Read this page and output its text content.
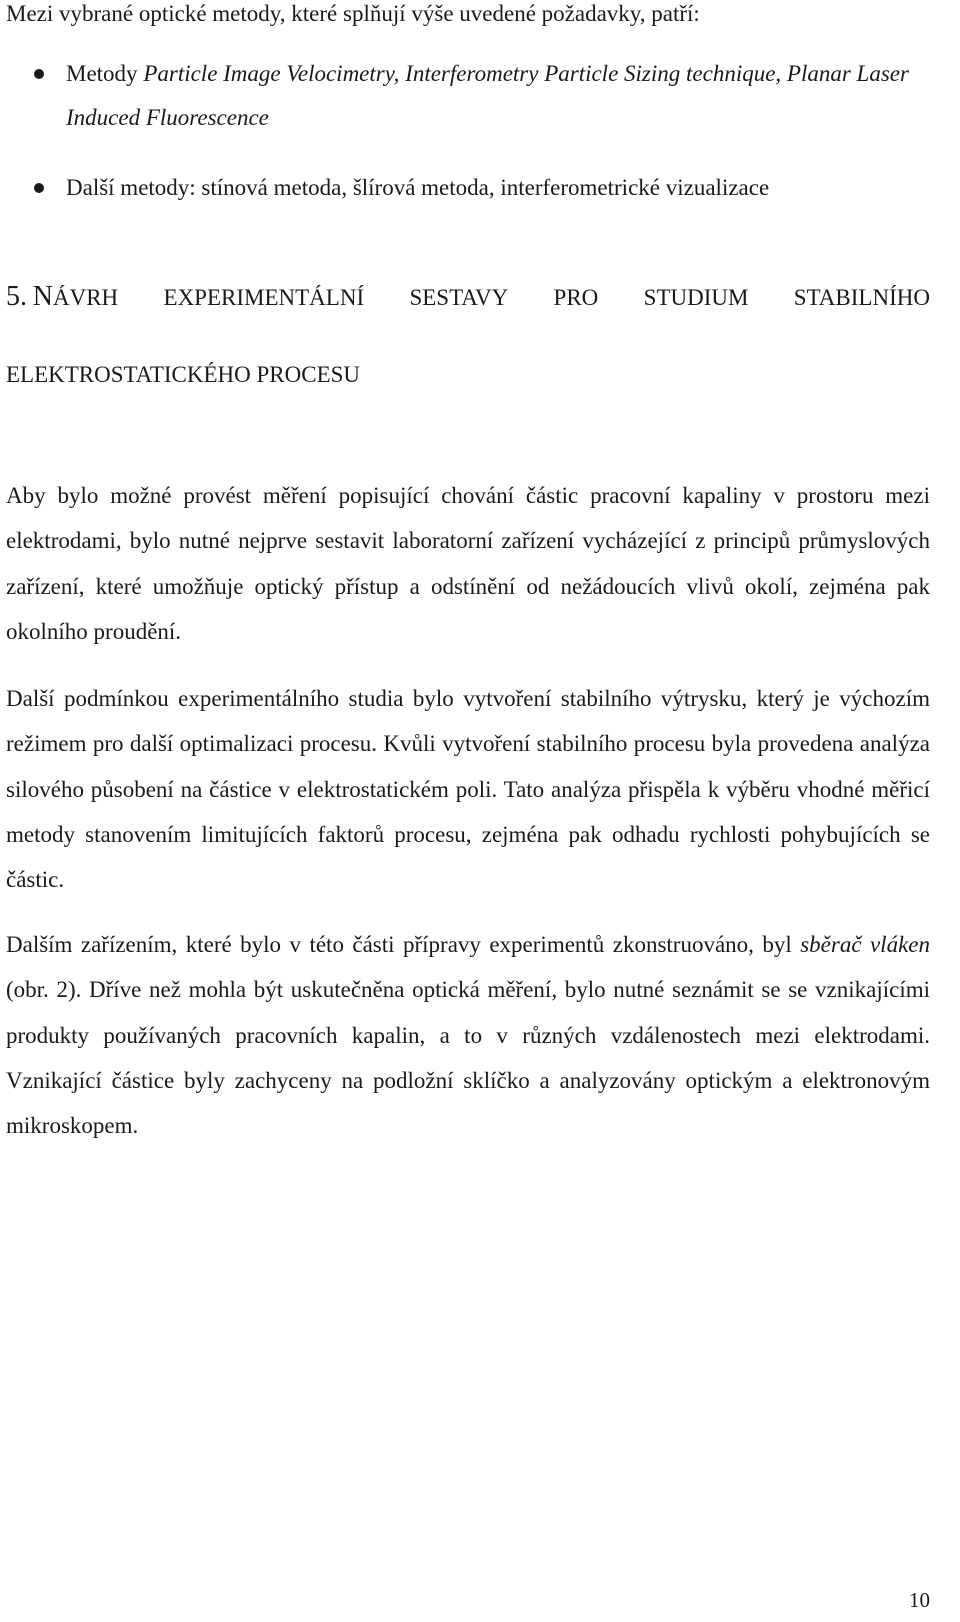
Mezi vybrané optické metody, které splňují výše uvedené požadavky, patří:

Metody Particle Image Velocimetry, Interferometry Particle Sizing technique, Planar Laser Induced Fluorescence
Další metody: stínová metoda, šlírová metoda, interferometrické vizualizace
5. NÁVRH EXPERIMENTÁLNÍ SESTAVY PRO STUDIUM STABILNÍHO
ELEKTROSTATICKÉHO PROCESU

Aby bylo možné provést měření popisující chování částic pracovní kapaliny v prostoru mezi elektrodami, bylo nutné nejprve sestavit laboratorní zařízení vycházející z principů průmyslových zařízení, které umožňuje optický přístup a odstínění od nežádoucích vlivů okolí, zejména pak okolního proudění.

Další podmínkou experimentálního studia bylo vytvoření stabilního výtrysku, který je výchozím režimem pro další optimalizaci procesu. Kvůli vytvoření stabilního procesu byla provedena analýza silového působení na částice v elektrostatickém poli. Tato analýza přispěla k výběru vhodné měřicí metody stanovením limitujících faktorů procesu, zejména pak odhadu rychlosti pohybujících se částic.

Dalším zařízením, které bylo v této části přípravy experimentů zkonstruováno, byl sběrač vláken (obr. 2). Dříve než mohla být uskutečněna optická měření, bylo nutné seznámit se se vznikajícími produkty používaných pracovních kapalin, a to v různých vzdálenostech mezi elektrodami. Vznikající částice byly zachyceny na podložní sklíčko a analyzovány optickým a elektronovým mikroskopem.

10
